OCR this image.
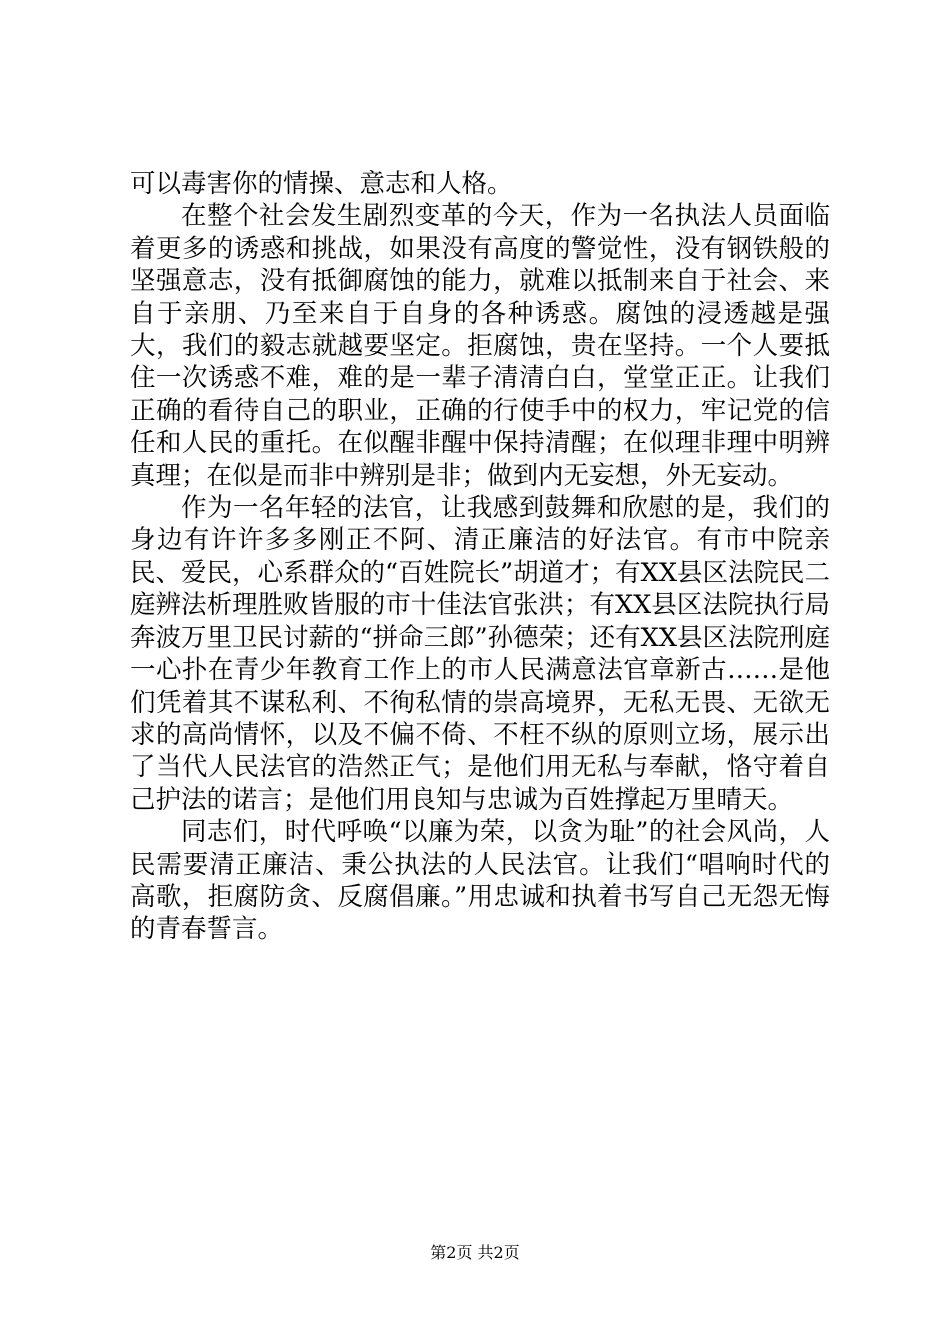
可以毒害你的情操、意志和人格。

在整个社会发生剧烈变革的今天，作为一名执法人员面临着更多的诱惑和挑战，如果没有高度的警觉性，没有钢铁般的坚强意志，没有抵御腐蚀的能力，就难以抵制来自于社会、来自于亲朋、乃至来自于自身的各种诱惑。腐蚀的浸透越是强大，我们的毅志就越要坚定。拒腐蚀，贵在坚持。一个人要抵住一次诱惑不难，难的是一辈子清清白白，堂堂正正。让我们正确的看待自己的职业，正确的行使手中的权力，牢记党的信任和人民的重托。在似醒非醒中保持清醒；在似理非理中明辨真理；在似是而非中辨别是非；做到内无妄想，外无妄动。

作为一名年轻的法官，让我感到鼓舞和欣慰的是，我们的身边有许许多多刚正不阿、清正廉洁的好法官。有市中院亲民、爱民，心系群众的“百姓院长”胡道才；有XX县区法院民二庭辨法析理胜败皆服的市十佳法官张洪；有XX县区法院执行局奔波万里卫民讨薪的“拼命三郎”孙德荣；还有XX县区法院刑庭一心扑在青少年教育工作上的市人民满意法官章新古……是他们凭着其不谋私利、不徇私情的崇高境界，无私无畏、无欲无求的高尚情怀，以及不偏不倚、不枉不纵的原则立场，展示出了当代人民法官的浩然正气；是他们用无私与奉献，恪守着自己护法的诺言；是他们用良知与忠诚为百姓撑起万里晴天。

同志们，时代呼唤“以廉为荣，以贪为耻”的社会风尚，人民需要清正廉洁、秉公执法的人民法官。让我们“唱响时代的高歌，拒腐防贪、反腐倡廉。”用忠诚和执着书写自己无怨无悔的青春誓言。

第2页 共2页
